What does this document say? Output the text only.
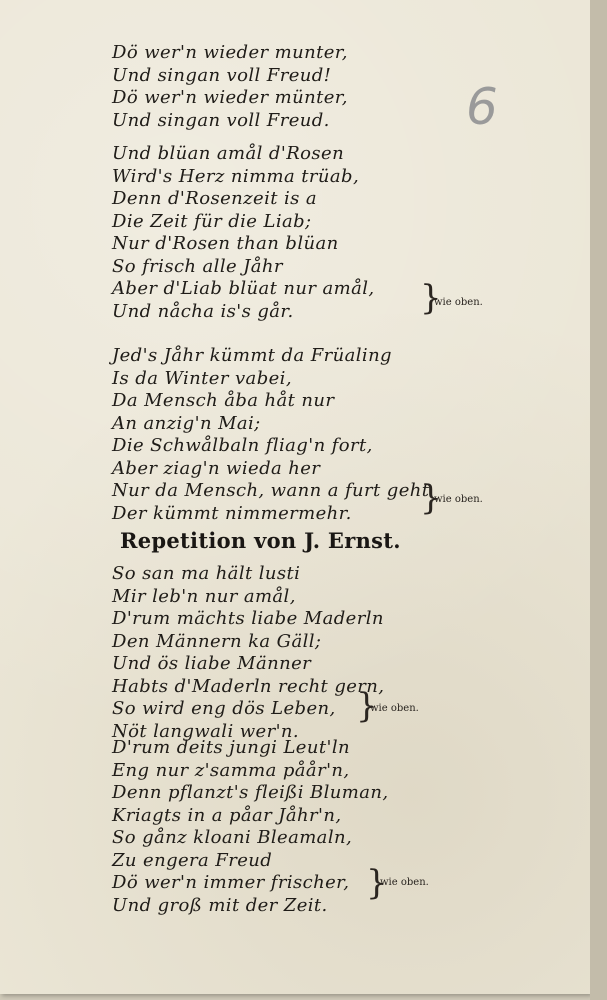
6
Dö wer'n wieder munter,
Und singan voll Freud!
Dö wer'n wieder münter,
Und singan voll Freud.
Und blüan amål d'Rosen
Wird's Herz nimma trüab,
Denn d'Rosenzeit is a
Die Zeit für die Liab;
Nur d'Rosen than blüan
So frisch alle Jåhr
Aber d'Liab blüat nur amål,
Und nåcha is's går.	}
wie oben.
Jed's Jåhr kümmt da Früaling
Is da Winter vabei,
Da Mensch åba håt nur
An anzig'n Mai;
Die Schwålbaln fliag'n fort,
Aber ziag'n wieda her
Nur da Mensch, wann a furt geht
Der kümmt nimmermehr.	}
wie oben.
Repetition von J. Ernst.
So san ma hält lusti
Mir leb'n nur amål,
D'rum mächts liabe Maderln
Den Männern ka Gäll;
Und ös liabe Männer
Habts d'Maderln recht gern,
So wird eng dös Leben,
Nöt langwali wer'n.
}
wie oben.
D'rum deits jungi Leut'ln
Eng nur z'samma påår'n,
Denn pflanzt's fleißi Bluman,
Kriagts in a påar Jåhr'n,
So gånz kloani Bleamaln,
Zu engera Freud
Dö wer'n immer frischer,
Und groß mit der Zeit.
}
wie oben.
